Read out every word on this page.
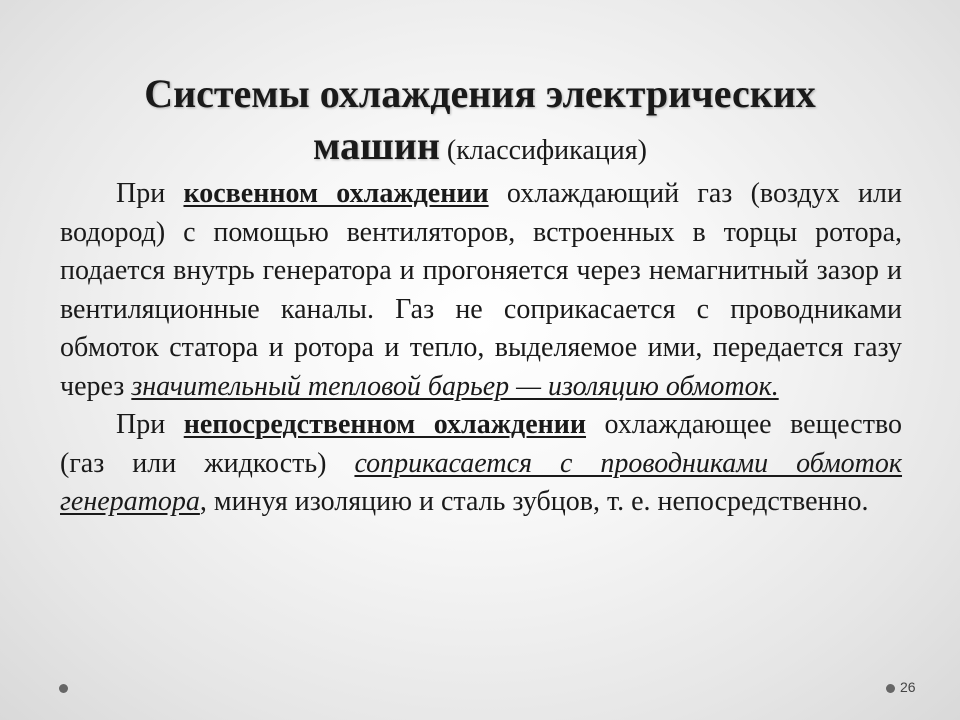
Системы охлаждения электрических
машин (классификация)

При косвенном охлаждении охлаждающий газ (воздух или водород) с помощью вентиляторов, встроенных в торцы ротора, подается внутрь генератора и прогоняется через немагнитный зазор и вентиляционные каналы. Газ не соприкасается с проводниками обмоток статора и ротора и тепло, выделяемое ими, передается газу через значительный тепловой барьер — изоляцию обмоток.

При непосредственном охлаждении охлаждающее вещество (газ или жидкость) соприкасается с проводниками обмоток генератора, минуя изоляцию и сталь зубцов, т. е. непосредственно.

26
